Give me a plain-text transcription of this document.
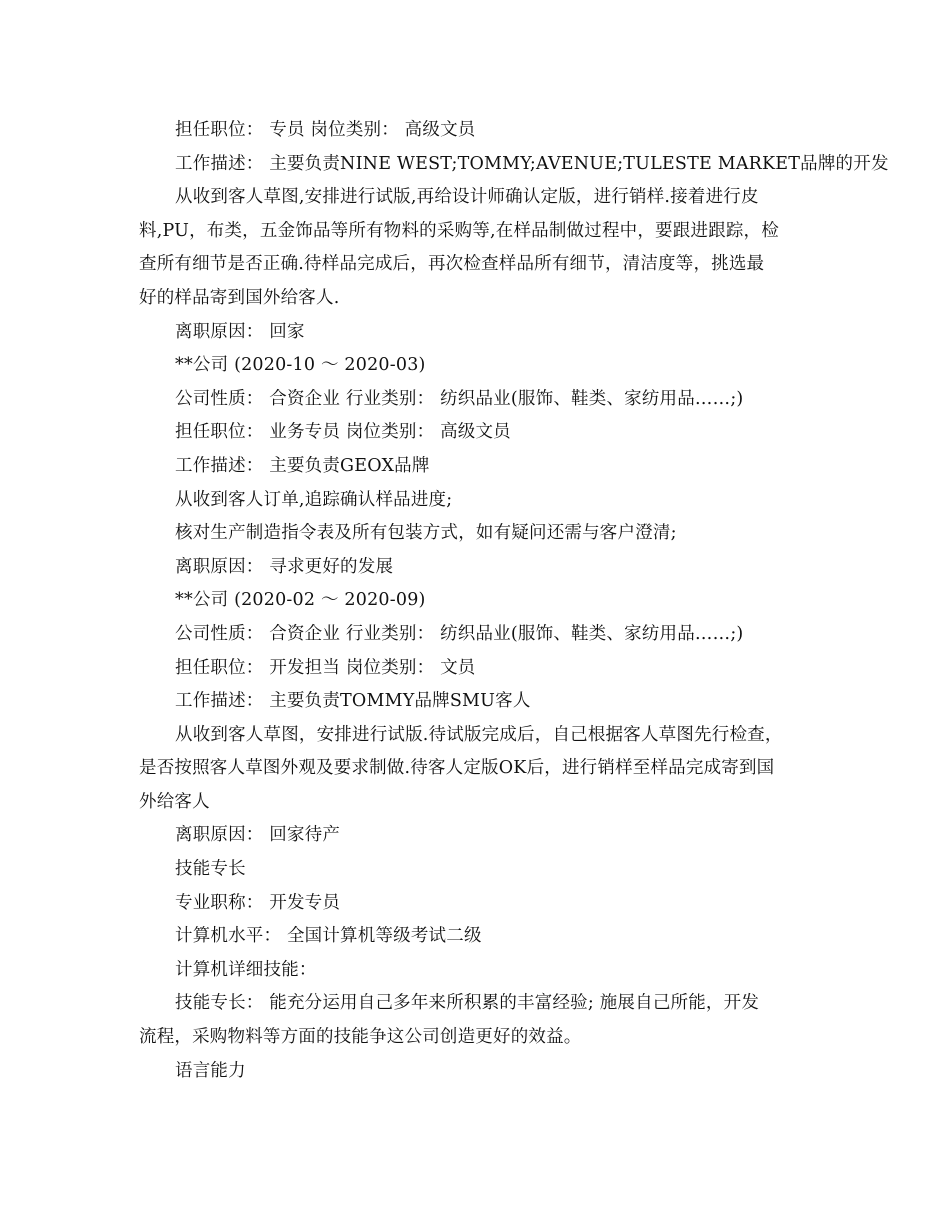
担任职位： 专员 岗位类别： 高级文员
工作描述： 主要负责NINE WEST;TOMMY;AVENUE;TULESTE MARKET品牌的开发
从收到客人草图,安排进行试版,再给设计师确认定版，进行销样.接着进行皮
料,PU，布类，五金饰品等所有物料的采购等,在样品制做过程中，要跟进跟踪，检
查所有细节是否正确.待样品完成后，再次检查样品所有细节，清洁度等，挑选最
好的样品寄到国外给客人.
离职原因： 回家
**公司 (2020-10 ～ 2020-03)
公司性质： 合资企业 行业类别： 纺织品业(服饰、鞋类、家纺用品……;)
担任职位： 业务专员 岗位类别： 高级文员
工作描述： 主要负责GEOX品牌
从收到客人订单,追踪确认样品进度;
核对生产制造指令表及所有包装方式，如有疑问还需与客户澄清;
离职原因： 寻求更好的发展
**公司 (2020-02 ～ 2020-09)
公司性质： 合资企业 行业类别： 纺织品业(服饰、鞋类、家纺用品……;)
担任职位： 开发担当 岗位类别： 文员
工作描述： 主要负责TOMMY品牌SMU客人
从收到客人草图，安排进行试版.待试版完成后，自己根据客人草图先行检查，
是否按照客人草图外观及要求制做.待客人定版OK后，进行销样至样品完成寄到国
外给客人
离职原因： 回家待产
技能专长
专业职称： 开发专员
计算机水平： 全国计算机等级考试二级
计算机详细技能：
技能专长： 能充分运用自己多年来所积累的丰富经验; 施展自己所能，开发
流程，采购物料等方面的技能争这公司创造更好的效益。
语言能力
